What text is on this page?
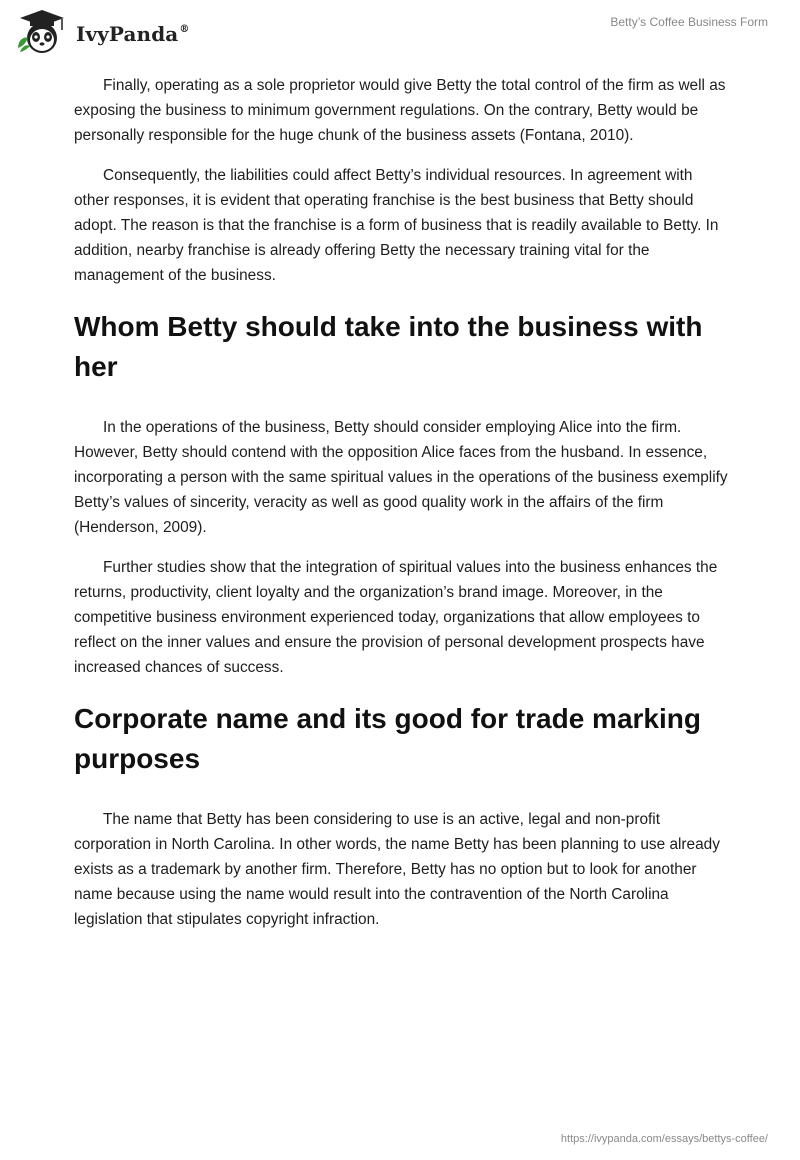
IvyPanda®
Betty’s Coffee Business Form

Finally, operating as a sole proprietor would give Betty the total control of the firm as well as exposing the business to minimum government regulations. On the contrary, Betty would be personally responsible for the huge chunk of the business assets (Fontana, 2010).

Consequently, the liabilities could affect Betty’s individual resources. In agreement with other responses, it is evident that operating franchise is the best business that Betty should adopt. The reason is that the franchise is a form of business that is readily available to Betty. In addition, nearby franchise is already offering Betty the necessary training vital for the management of the business.

Whom Betty should take into the business with her

In the operations of the business, Betty should consider employing Alice into the firm. However, Betty should contend with the opposition Alice faces from the husband. In essence, incorporating a person with the same spiritual values in the operations of the business exemplify Betty’s values of sincerity, veracity as well as good quality work in the affairs of the firm (Henderson, 2009).

Further studies show that the integration of spiritual values into the business enhances the returns, productivity, client loyalty and the organization’s brand image. Moreover, in the competitive business environment experienced today, organizations that allow employees to reflect on the inner values and ensure the provision of personal development prospects have increased chances of success.

Corporate name and its good for trade marking purposes

The name that Betty has been considering to use is an active, legal and non-profit corporation in North Carolina. In other words, the name Betty has been planning to use already exists as a trademark by another firm. Therefore, Betty has no option but to look for another name because using the name would result into the contravention of the North Carolina legislation that stipulates copyright infraction.

https://ivypanda.com/essays/bettys-coffee/
